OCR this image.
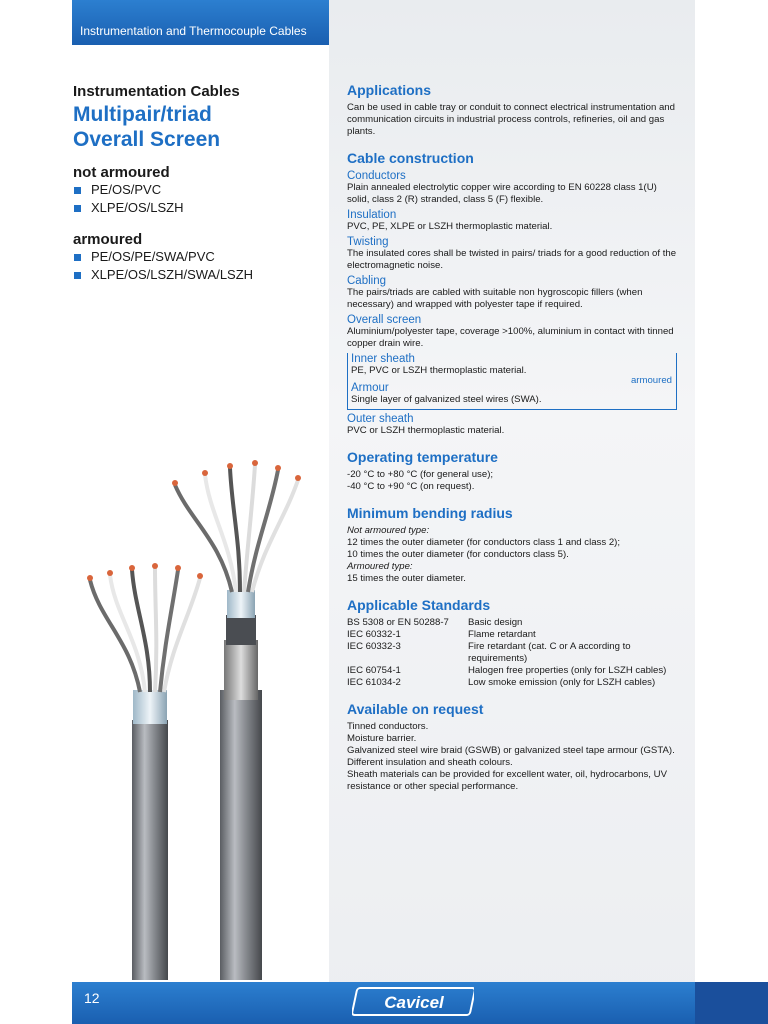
Instrumentation and Thermocouple Cables
Instrumentation Cables
Multipair/triad
Overall Screen
not armoured
PE/OS/PVC
XLPE/OS/LSZH
armoured
PE/OS/PE/SWA/PVC
XLPE/OS/LSZH/SWA/LSZH
Applications

Can be used in cable tray or conduit to connect electrical instrumentation and communication circuits in industrial process controls, refineries, oil and gas plants.

Cable construction
Conductors

Plain annealed electrolytic copper wire according to EN 60228 class 1(U) solid, class 2 (R) stranded, class 5 (F) flexible.

Insulation

PVC, PE, XLPE or LSZH thermoplastic material.

Twisting

The insulated cores shall be twisted in pairs/ triads for a good reduction of the electromagnetic noise.

Cabling

The pairs/triads are cabled with suitable non hygroscopic fillers (when necessary) and wrapped with polyester tape if required.

Overall screen

Aluminium/polyester tape, coverage >100%, aluminium in contact with tinned copper drain wire.

armoured
Inner sheath

PE, PVC or LSZH thermoplastic material.

Armour

Single layer of galvanized steel wires (SWA).

Outer sheath

PVC or LSZH thermoplastic material.

Operating temperature

-20 °C to +80 °C (for general use);

-40 °C to +90 °C (on request).

Minimum bending radius

Not armoured type:

12 times the outer diameter (for conductors class 1 and class 2);

10 times the outer diameter (for conductors class 5).

Armoured type:

15 times the outer diameter.

Applicable Standards
BS 5308 or EN 50288-7	Basic design
IEC 60332-1	Flame retardant
IEC 60332-3	Fire retardant (cat. C or A according to requirements)
IEC 60754-1	Halogen free properties (only for LSZH cables)
IEC 61034-2	Low smoke emission (only for LSZH cables)
Available on request

Tinned conductors.

Moisture barrier.

Galvanized steel wire braid (GSWB) or galvanized steel tape armour (GSTA).

Different insulation and sheath colours.

Sheath materials can be provided for excellent water, oil, hydrocarbons, UV resistance or other special performance.

12	Cavicel
